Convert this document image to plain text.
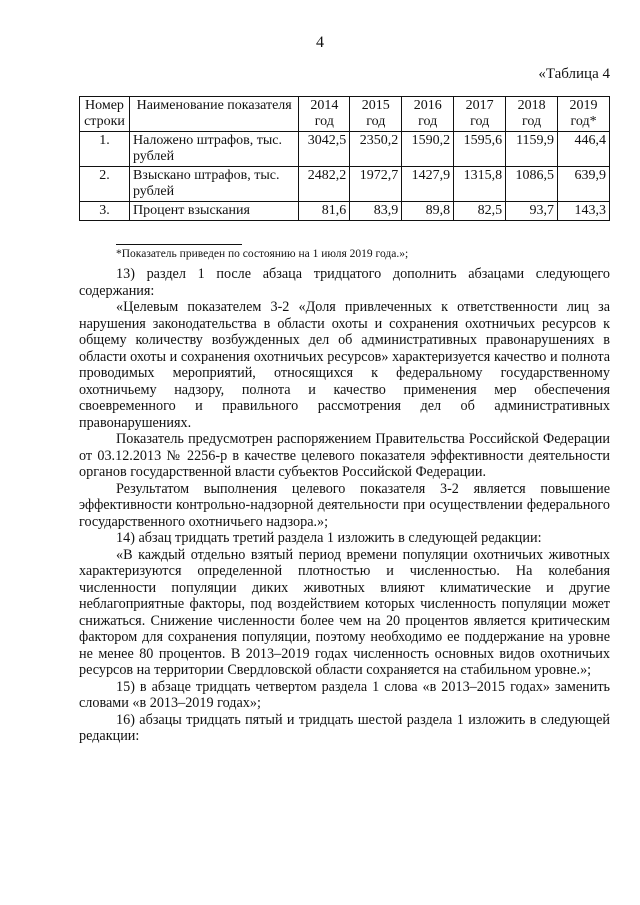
4
«Таблица 4
Номер строки	Наименование показателя	2014 год	2015 год	2016 год	2017 год	2018 год	2019 год*
1.	Наложено штрафов, тыс. рублей	3042,5	2350,2	1590,2	1595,6	1159,9	446,4
2.	Взыскано штрафов, тыс. рублей	2482,2	1972,7	1427,9	1315,8	1086,5	639,9
3.	Процент взыскания	81,6	83,9	89,8	82,5	93,7	143,3
*Показатель приведен по состоянию на 1 июля 2019 года.»;

13) раздел 1 после абзаца тридцатого дополнить абзацами следующего содержания:

«Целевым показателем 3-2 «Доля привлеченных к ответственности лиц за нарушения законодательства в области охоты и сохранения охотничьих ресурсов к общему количеству возбужденных дел об административных правонарушениях в области охоты и сохранения охотничьих ресурсов» характеризуется качество и полнота проводимых мероприятий, относящихся к федеральному государственному охотничьему надзору, полнота и качество применения мер обеспечения своевременного и правильного рассмотрения дел об административных правонарушениях.

Показатель предусмотрен распоряжением Правительства Российской Федерации от 03.12.2013 № 2256-р в качестве целевого показателя эффективности деятельности органов государственной власти субъектов Российской Федерации.

Результатом выполнения целевого показателя 3-2 является повышение эффективности контрольно-надзорной деятельности при осуществлении федерального государственного охотничьего надзора.»;

14) абзац тридцать третий раздела 1 изложить в следующей редакции:

«В каждый отдельно взятый период времени популяции охотничьих животных характеризуются определенной плотностью и численностью. На колебания численности популяции диких животных влияют климатические и другие неблагоприятные факторы, под воздействием которых численность популяции может снижаться. Снижение численности более чем на 20 процентов является критическим фактором для сохранения популяции, поэтому необходимо ее поддержание на уровне не менее 80 процентов. В 2013–2019 годах численность основных видов охотничьих ресурсов на территории Свердловской области сохраняется на стабильном уровне.»;

15) в абзаце тридцать четвертом раздела 1 слова «в 2013–2015 годах» заменить словами «в 2013–2019 годах»;

16) абзацы тридцать пятый и тридцать шестой раздела 1 изложить в следующей редакции:
